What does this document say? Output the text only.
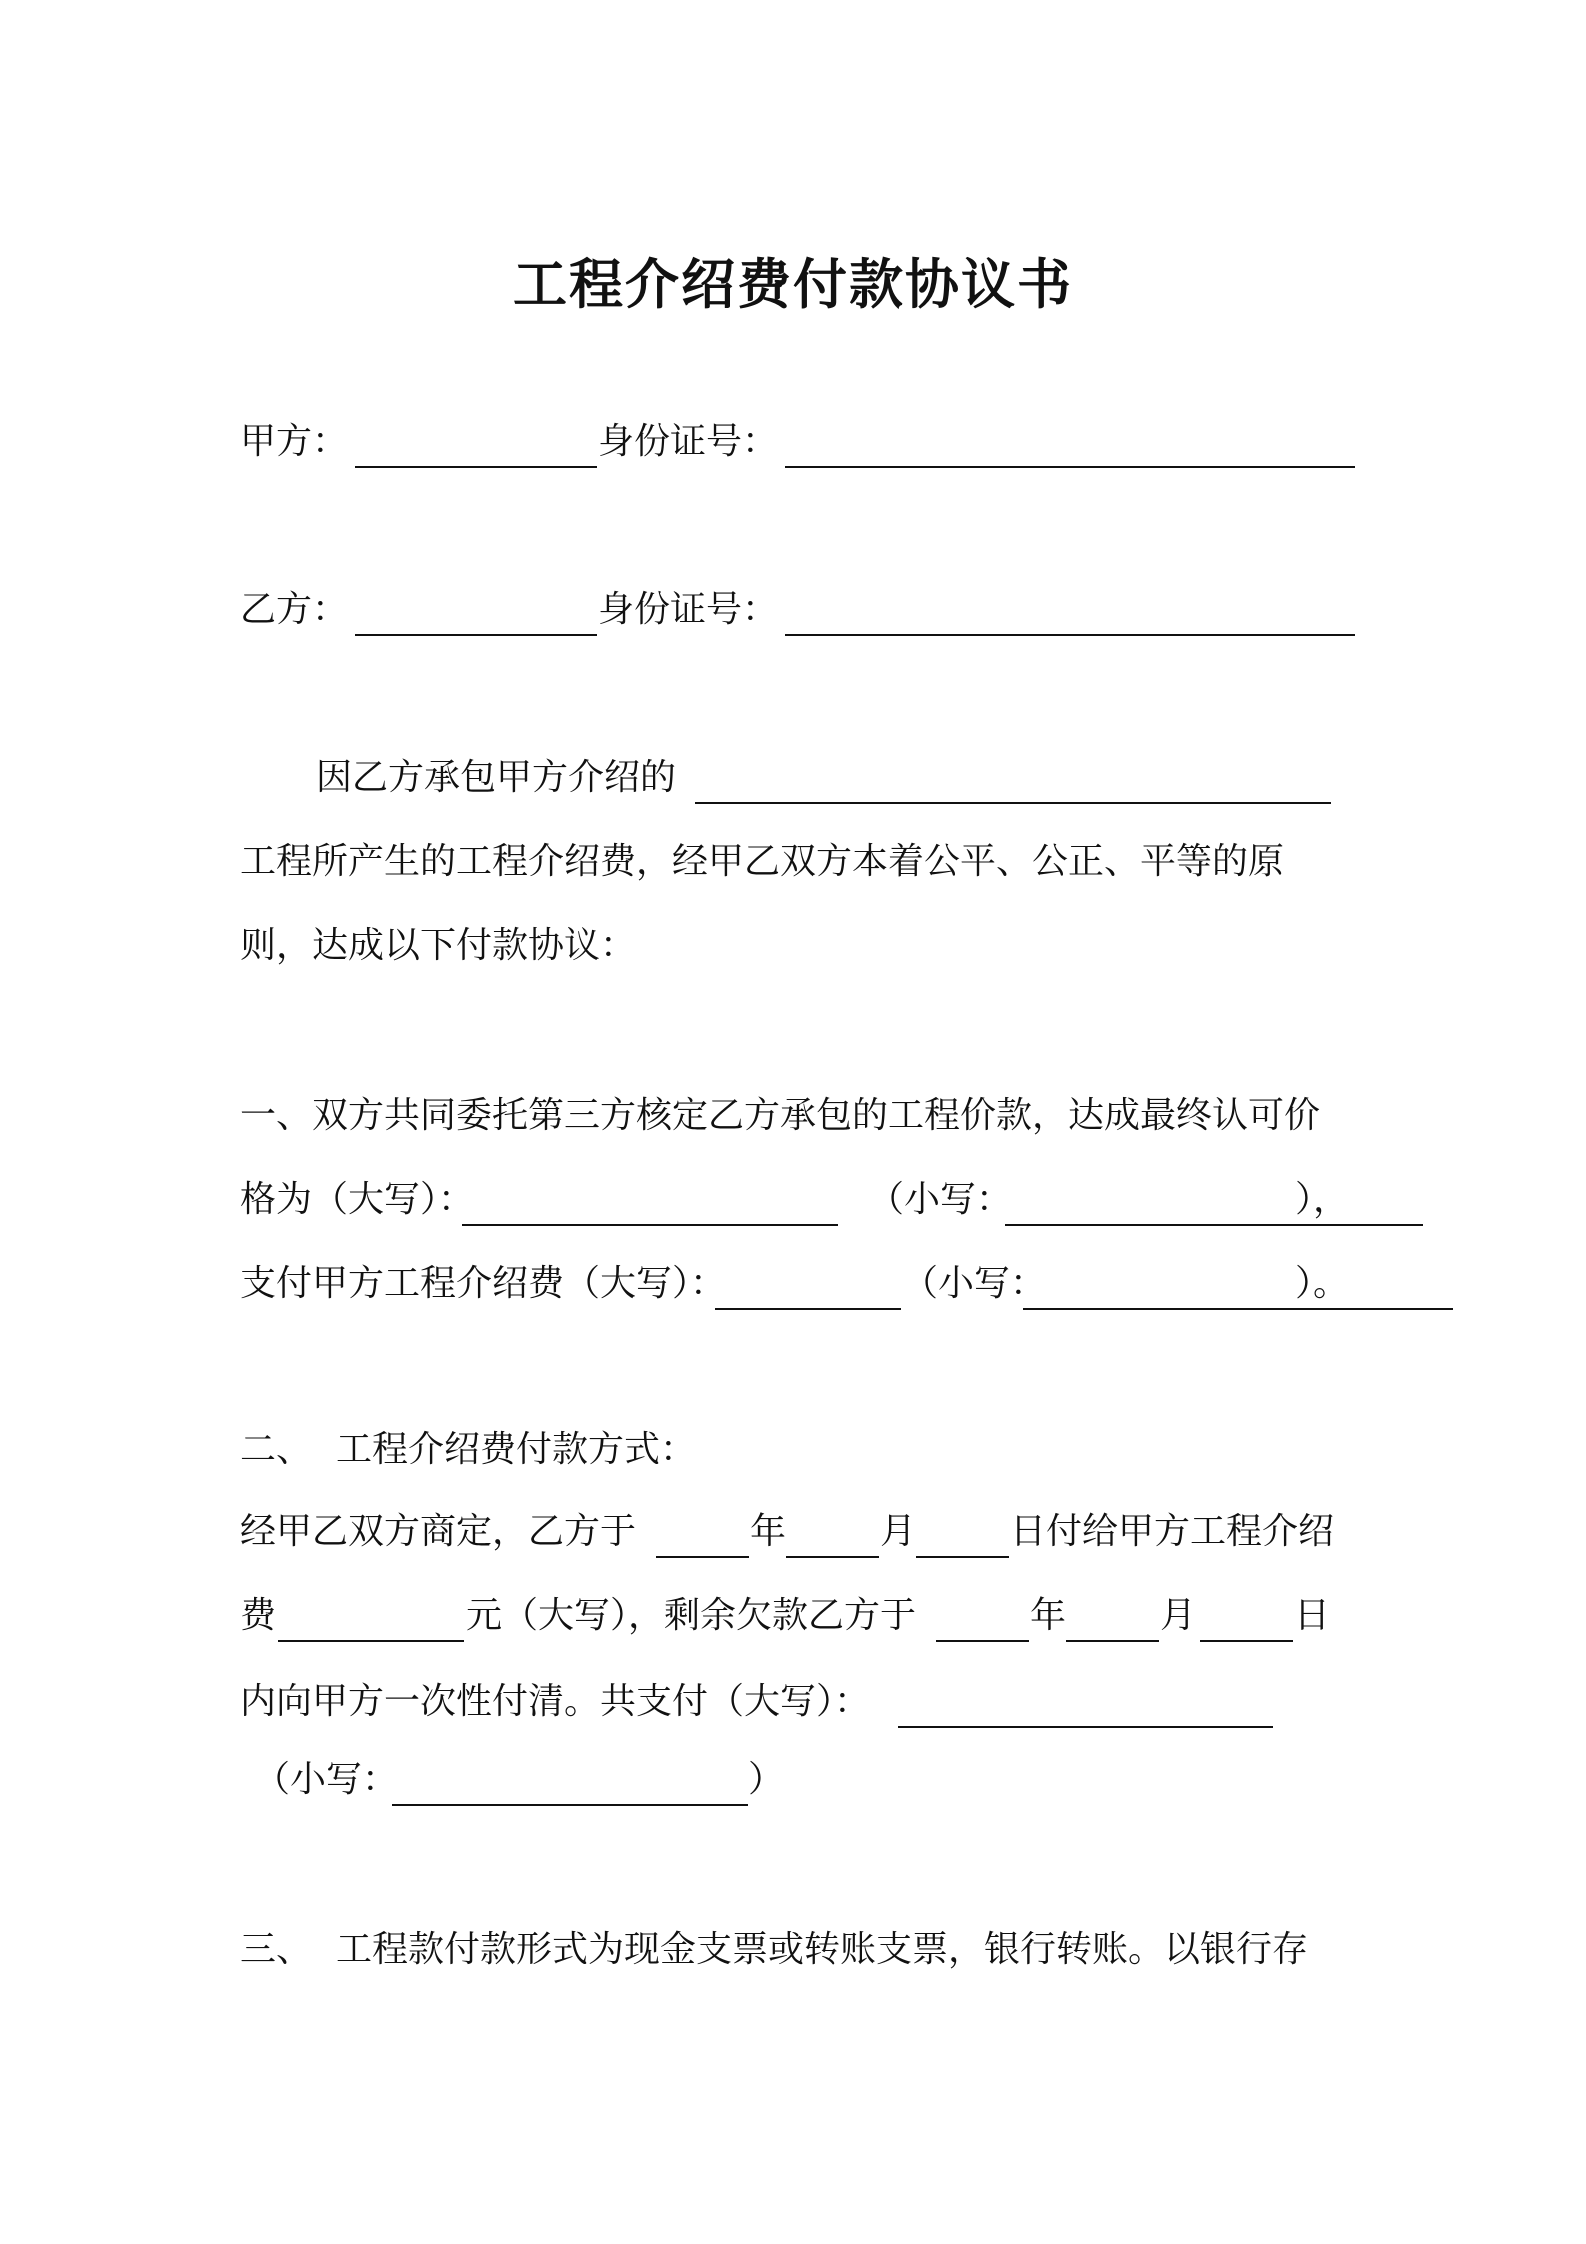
工程介绍费付款协议书
甲方：	身份证号：
乙方：	身份证号：
因乙方承包甲方介绍的
工程所产生的工程介绍费，经甲乙双方本着公平、公正、平等的原
则，达成以下付款协议：
一、双方共同委托第三方核定乙方承包的工程价款，达成最终认可价
格为（大写）：	（小写：	），
支付甲方工程介绍费（大写）：	（小写：	）。
二、 工程介绍费付款方式：
经甲乙双方商定，乙方于	年	月	日付给甲方工程介绍
费	元（大写），剩余欠款乙方于	年	月	日
内向甲方一次性付清。共支付（大写）：
（小写：	）
三、 工程款付款形式为现金支票或转账支票，银行转账。以银行存
